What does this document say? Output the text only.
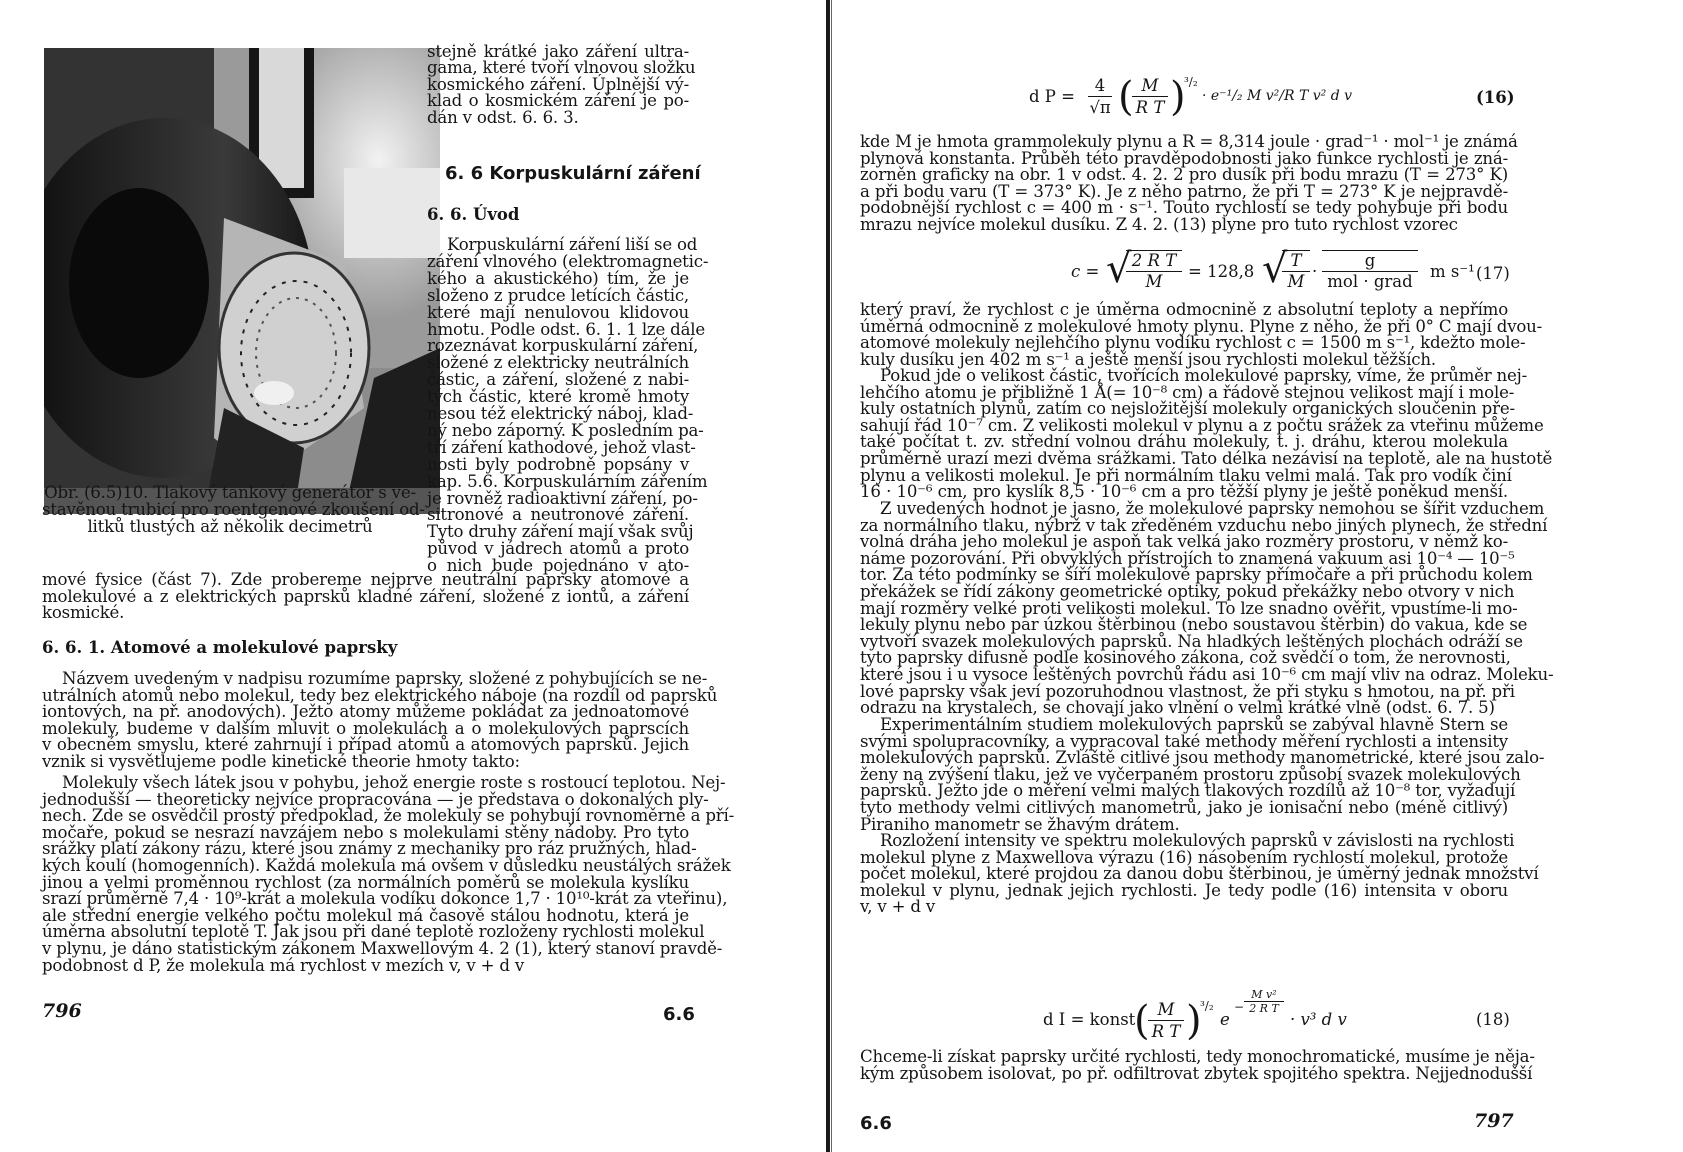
Obr. (6.5)10. Tlakový tankový generátor s ve-
stavěnou trubicí pro roentgenové zkoušení od-
litků tlustých až několik decimetrů
stejně krátké jako záření ultra-
gama, které tvoří vlnovou složku
kosmického záření. Úplnější vý-
klad o kosmickém záření je po-
dán v odst. 6. 6. 3.
6. 6 Korpuskulární záření
6. 6. Úvod
Korpuskulární záření liší se od
záření vlnového (elektromagnetic-
kého a akustického) tím, že je
složeno z prudce letících částic,
které mají nenulovou klidovou
hmotu. Podle odst. 6. 1. 1 lze dále
rozeznávat korpuskulární záření,
složené z elektricky neutrálních
částic, a záření, složené z nabi-
tých částic, které kromě hmoty
nesou též elektrický náboj, klad-
ný nebo záporný. K posledním pa-
tří záření kathodové, jehož vlast-
nosti byly podrobně popsány v
kap. 5.6. Korpuskulárním zářením
je rovněž radioaktivní záření, po-
sitronové a neutronové záření.
Tyto druhy záření mají však svůj
původ v jádrech atomů a proto
o nich bude pojednáno v ato-
mové fysice (část 7). Zde probereme nejprve neutrální paprsky atomové a
molekulové a z elektrických paprsků kladné záření, složené z iontů, a záření
kosmické.
6. 6. 1. Atomové a molekulové paprsky
Názvem uvedeným v nadpisu rozumíme paprsky, složené z pohybujících se ne-
utrálních atomů nebo molekul, tedy bez elektrického náboje (na rozdíl od paprsků
iontových, na př. anodových). Ježto atomy můžeme pokládat za jednoatomové
molekuly, budeme v dalším mluvit o molekulách a o molekulových paprscích
v obecném smyslu, které zahrnují i případ atomů a atomových paprsků. Jejich
vznik si vysvětlujeme podle kinetické theorie hmoty takto:
Molekuly všech látek jsou v pohybu, jehož energie roste s rostoucí teplotou. Nej-
jednodušší — theoreticky nejvíce propracována — je představa o dokonalých ply-
nech. Zde se osvědčil prostý předpoklad, že molekuly se pohybují rovnoměrně a pří-
močaře, pokud se nesrazí navzájem nebo s molekulami stěny nádoby. Pro tyto
srážky platí zákony rázu, které jsou známy z mechaniky pro ráz pružných, hlad-
kých koulí (homogenních). Každá molekula má ovšem v důsledku neustálých srážek
jinou a velmi proměnnou rychlost (za normálních poměrů se molekula kyslíku
srazí průměrně 7,4 · 10⁹-krát a molekula vodíku dokonce 1,7 · 10¹⁰-krát za vteřinu),
ale střední energie velkého počtu molekul má časově stálou hodnotu, která je
úměrna absolutní teplotě T. Jak jsou při dané teplotě rozloženy rychlosti molekul
v plynu, je dáno statistickým zákonem Maxwellovým 4. 2 (1), který stanoví pravdě-
podobnost d P, že molekula má rychlost v mezích v, v + d v
796	6.6
d P =
4
√π ( M
R T )
³/₂
· e⁻¹/₂ M v²/R T v² d v	(16)
kde M je hmota grammolekuly plynu a R = 8,314 joule · grad⁻¹ · mol⁻¹ je známá
plynová konstanta. Průběh této pravděpodobnosti jako funkce rychlosti je zná-
zorněn graficky na obr. 1 v odst. 4. 2. 2 pro dusík při bodu mrazu (T = 273° K)
a při bodu varu (T = 373° K). Je z něho patrno, že při T = 273° K je nejpravdě-
podobnější rychlost c = 400 m · s⁻¹. Touto rychlostí se tedy pohybuje při bodu
mrazu nejvíce molekul dusíku. Z 4. 2. (13) plyne pro tuto rychlost vzorec
c = √ 2 R T
M
= 128,8 √ T
M
·
g
mol · grad
m s⁻¹ (17)
který praví, že rychlost c je úměrna odmocnině z absolutní teploty a nepřímo
úměrná odmocnině z molekulové hmoty plynu. Plyne z něho, že při 0° C mají dvou-
atomové molekuly nejlehčího plynu vodíku rychlost c = 1500 m s⁻¹, kdežto mole-
kuly dusíku jen 402 m s⁻¹ a ještě menší jsou rychlosti molekul těžších.
Pokud jde o velikost částic, tvořících molekulové paprsky, víme, že průměr nej-
lehčího atomu je přibližně 1 Å(= 10⁻⁸ cm) a řádově stejnou velikost mají i mole-
kuly ostatních plynů, zatím co nejsložitější molekuly organických sloučenin pře-
sahují řád 10⁻⁷ cm. Z velikosti molekul v plynu a z počtu srážek za vteřinu můžeme
také počítat t. zv. střední volnou dráhu molekuly, t. j. dráhu, kterou molekula
průměrně urazí mezi dvěma srážkami. Tato délka nezávisí na teplotě, ale na hustotě
plynu a velikosti molekul. Je při normálním tlaku velmi malá. Tak pro vodík činí
16 · 10⁻⁶ cm, pro kyslík 8,5 · 10⁻⁶ cm a pro těžší plyny je ještě poněkud menší.
Z uvedených hodnot je jasno, že molekulové paprsky nemohou se šířit vzduchem
za normálního tlaku, nýbrž v tak zředěném vzduchu nebo jiných plynech, že střední
volná dráha jeho molekul je aspoň tak velká jako rozměry prostoru, v němž ko-
náme pozorování. Při obvyklých přístrojích to znamená vakuum asi 10⁻⁴ — 10⁻⁵
tor. Za této podmínky se šíří molekulové paprsky přímočaře a při průchodu kolem
překážek se řídí zákony geometrické optiky, pokud překážky nebo otvory v nich
mají rozměry velké proti velikosti molekul. To lze snadno ověřit, vpustíme-li mo-
lekuly plynu nebo par úzkou štěrbinou (nebo soustavou štěrbin) do vakua, kde se
vytvoří svazek molekulových paprsků. Na hladkých leštěných plochách odráží se
tyto paprsky difusně podle kosinového zákona, což svědčí o tom, že nerovnosti,
které jsou i u vysoce leštěných povrchů řádu asi 10⁻⁶ cm mají vliv na odraz. Moleku-
lové paprsky však jeví pozoruhodnou vlastnost, že při styku s hmotou, na př. při
odrazu na krystalech, se chovají jako vlnění o velmi krátké vlně (odst. 6. 7. 5)
Experimentálním studiem molekulových paprsků se zabýval hlavně Stern se
svými spolupracovníky, a vypracoval také methody měření rychlosti a intensity
molekulových paprsků. Zvláště citlivé jsou methody manometrické, které jsou zalo-
ženy na zvýšení tlaku, jež ve vyčerpaném prostoru způsobí svazek molekulových
paprsků. Ježto jde o měření velmi malých tlakových rozdílů až 10⁻⁸ tor, vyžadují
tyto methody velmi citlivých manometrů, jako je ionisační nebo (méně citlivý)
Piraniho manometr se žhavým drátem.
Rozložení intensity ve spektru molekulových paprsků v závislosti na rychlosti
molekul plyne z Maxwellova výrazu (16) násobením rychlostí molekul, protože
počet molekul, které projdou za danou dobu štěrbinou, je úměrný jednak množství
molekul v plynu, jednak jejich rychlosti. Je tedy podle (16) intensita v oboru
v, v + d v
d I = konst
( M
R T )
³/₂
e
−
M v²
2 R T
· v³ d v	(18)
Chceme-li získat paprsky určité rychlosti, tedy monochromatické, musíme je něja-
kým způsobem isolovat, po př. odfiltrovat zbytek spojitého spektra. Nejjednodušší
6.6	797
